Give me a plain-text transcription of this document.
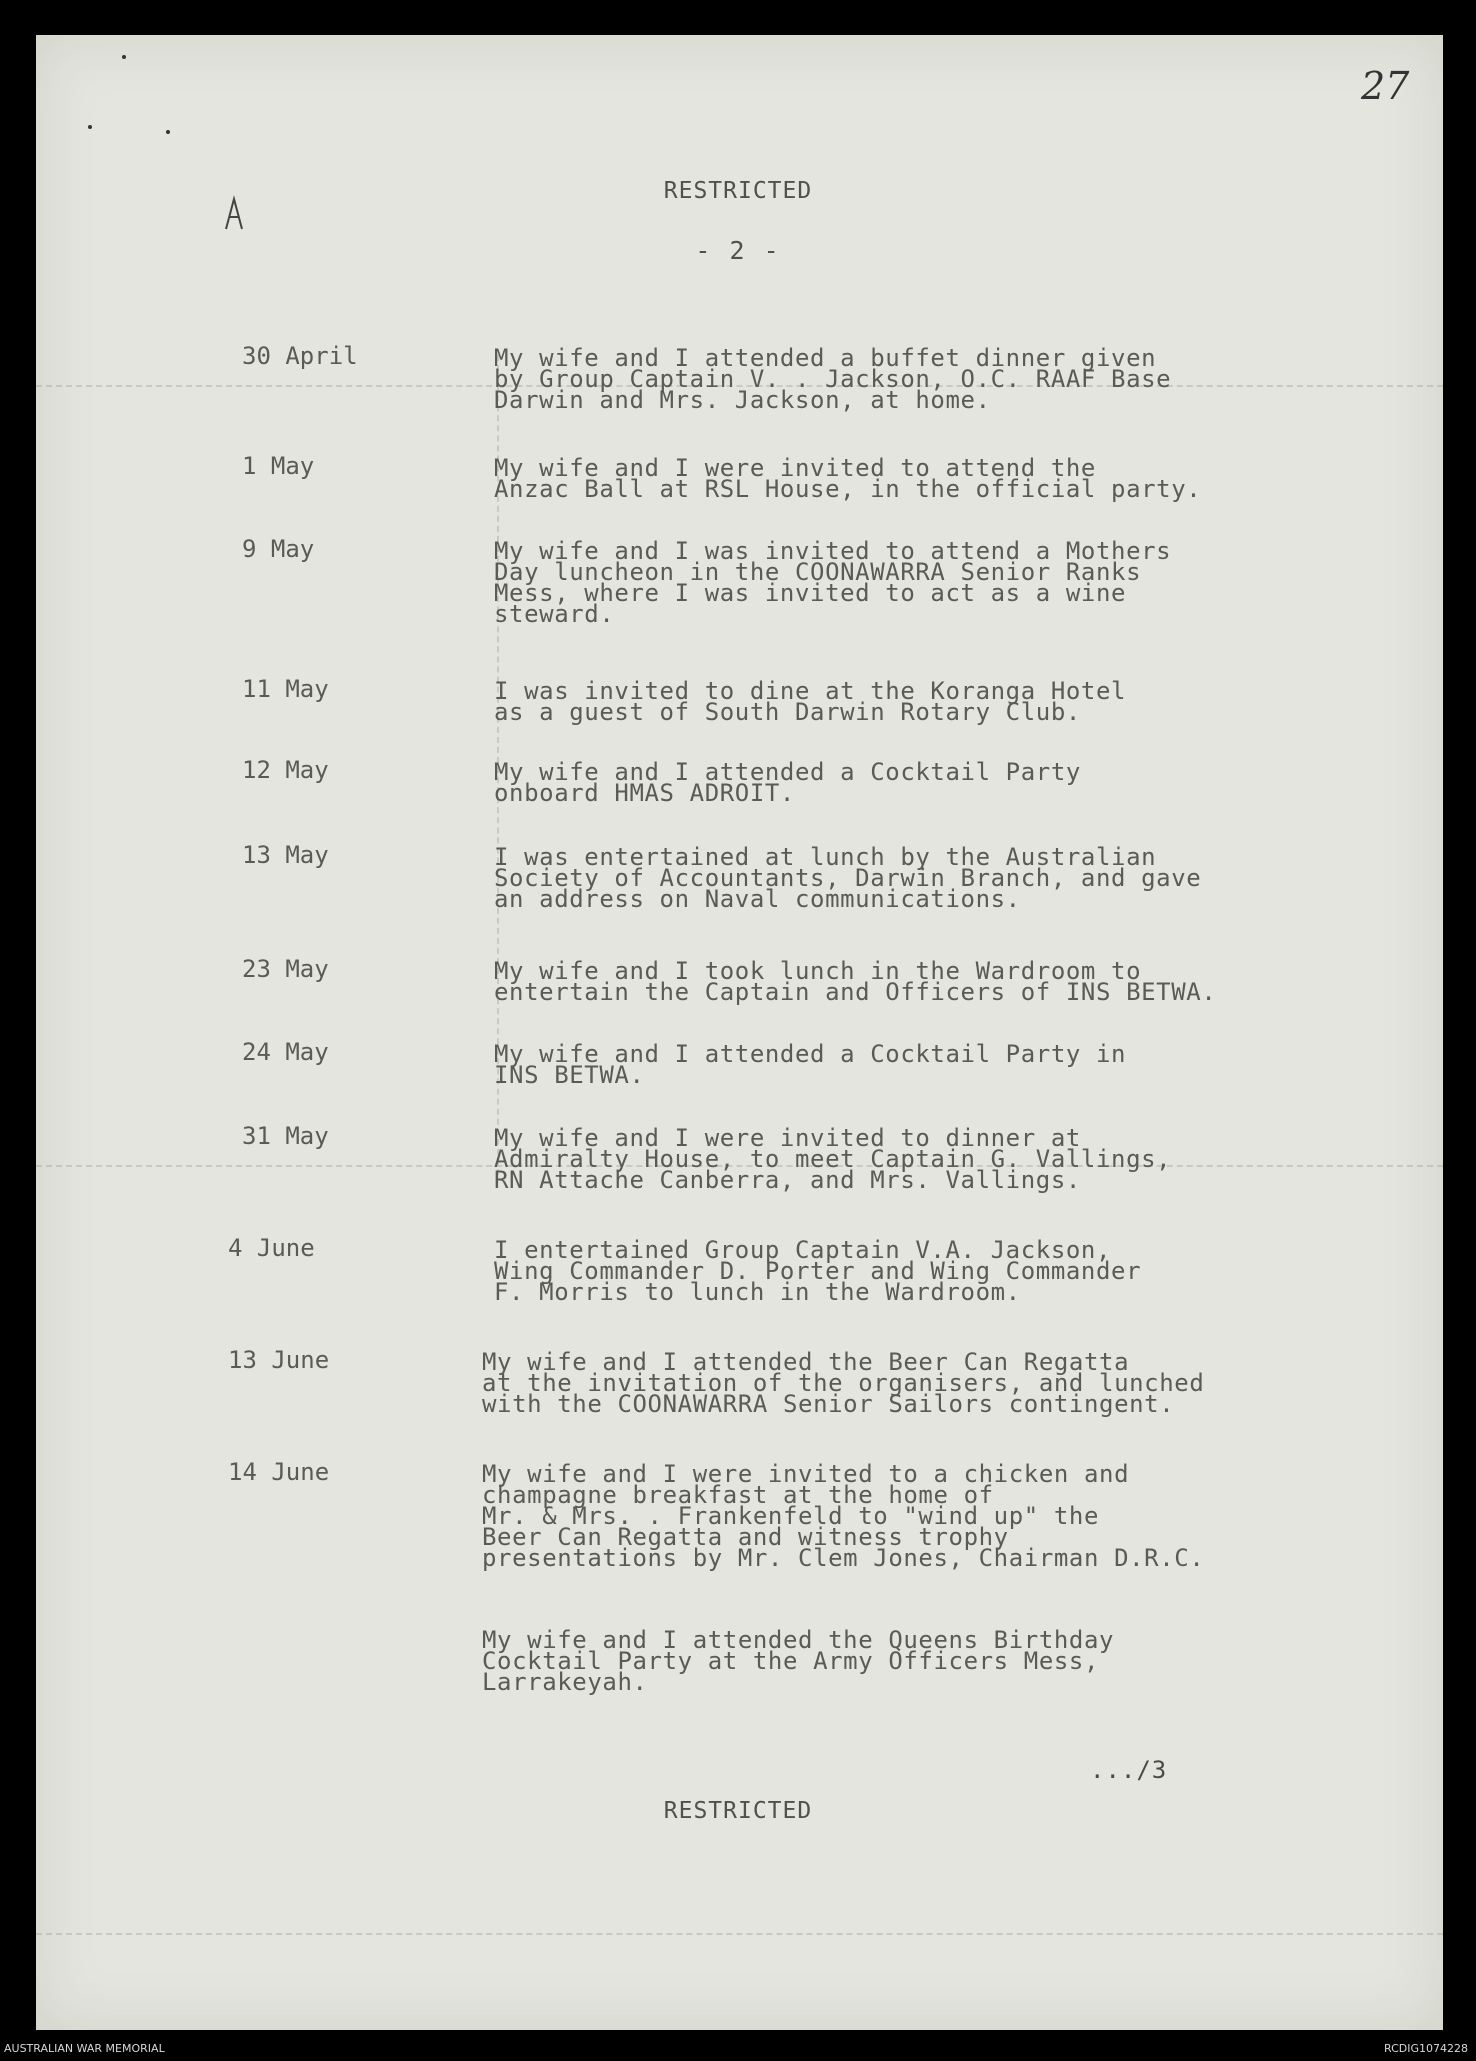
27
RESTRICTED
- 2 -
30 April	My wife and I attended a buffet dinner given
by Group Captain V. . Jackson, O.C. RAAF Base
Darwin and Mrs. Jackson, at home.
1 May	My wife and I were invited to attend the
Anzac Ball at RSL House, in the official party.
9 May	My wife and I was invited to attend a Mothers
Day luncheon in the COONAWARRA Senior Ranks
Mess, where I was invited to act as a wine
steward.
11 May	I was invited to dine at the Koranga Hotel
as a guest of South Darwin Rotary Club.
12 May	My wife and I attended a Cocktail Party
onboard HMAS ADROIT.
13 May	I was entertained at lunch by the Australian
Society of Accountants, Darwin Branch, and gave
an address on Naval communications.
23 May	My wife and I took lunch in the Wardroom to
entertain the Captain and Officers of INS BETWA.
24 May	My wife and I attended a Cocktail Party in
INS BETWA.
31 May	My wife and I were invited to dinner at
Admiralty House, to meet Captain G. Vallings,
RN Attache Canberra, and Mrs. Vallings.
4 June	I entertained Group Captain V.A. Jackson,
Wing Commander D. Porter and Wing Commander
F. Morris to lunch in the Wardroom.
13 June	My wife and I attended the Beer Can Regatta
at the invitation of the organisers, and lunched
with the COONAWARRA Senior Sailors contingent.
14 June	My wife and I were invited to a chicken and
champagne breakfast at the home of
Mr. & Mrs. . Frankenfeld to "wind up" the
Beer Can Regatta and witness trophy
presentations by Mr. Clem Jones, Chairman D.R.C.
My wife and I attended the Queens Birthday
Cocktail Party at the Army Officers Mess,
Larrakeyah.
.../3
RESTRICTED
AUSTRALIAN WAR MEMORIAL	RCDIG1074228
